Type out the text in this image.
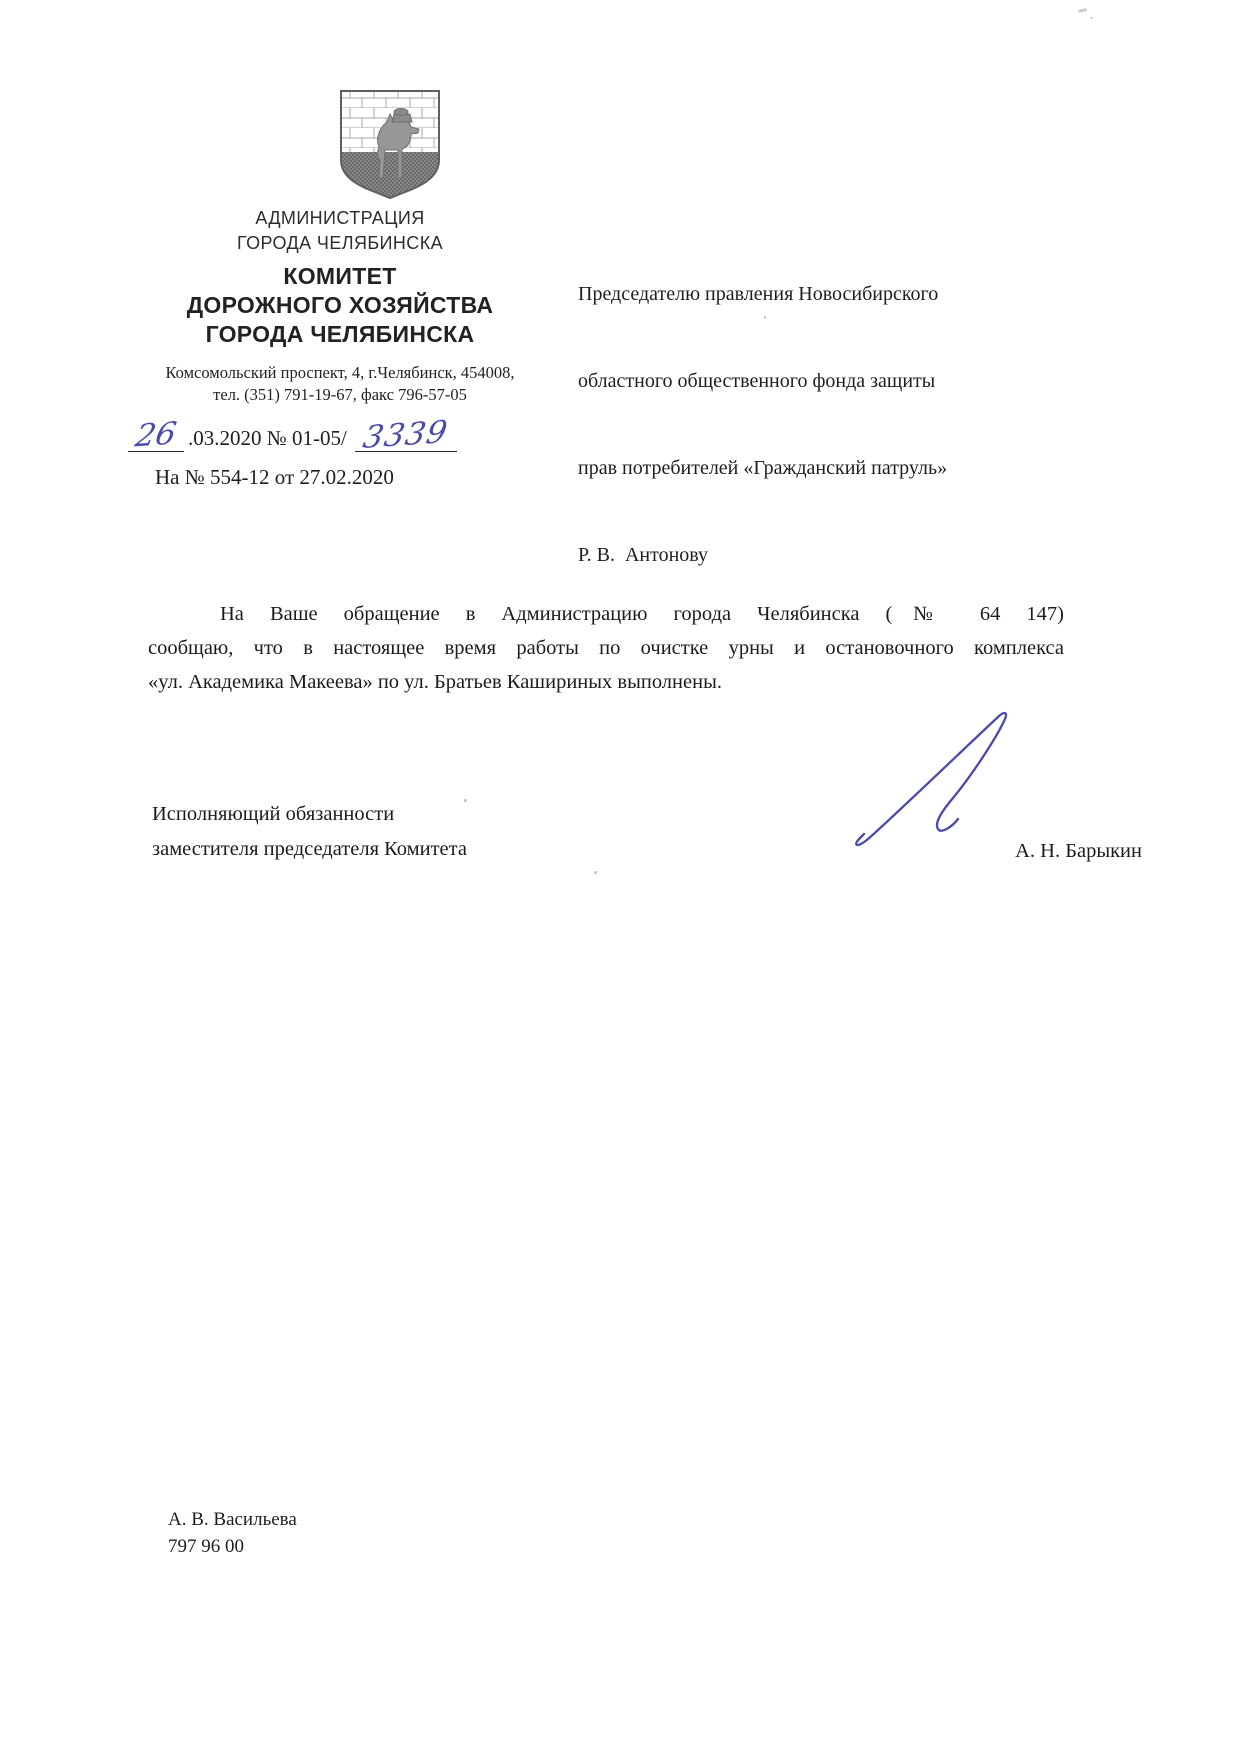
АДМИНИСТРАЦИЯ
ГОРОДА ЧЕЛЯБИНСКА
КОМИТЕТ
ДОРОЖНОГО ХОЗЯЙСТВА
ГОРОДА ЧЕЛЯБИНСКА
Комсомольский проспект, 4, г.Челябинск, 454008,
тел. (351) 791-19-67, факс 796-57-05

Председателю правления Новосибирского

областного общественного фонда защиты

прав потребителей «Гражданский патруль»

Р. В.  Антонову

26 .03.2020 № 01-05/ 3339
На № 554-12 от 27.02.2020
На Ваше обращение в Администрацию города Челябинска (№ 64 147)
сообщаю, что в настоящее время работы по очистке урны и остановочного комплекса
«ул. Академика Макеева» по ул. Братьев Кашириных выполнены.
Исполняющий обязанности
заместителя председателя Комитета	А. Н. Барыкин
А. В. Васильева
797 96 00
